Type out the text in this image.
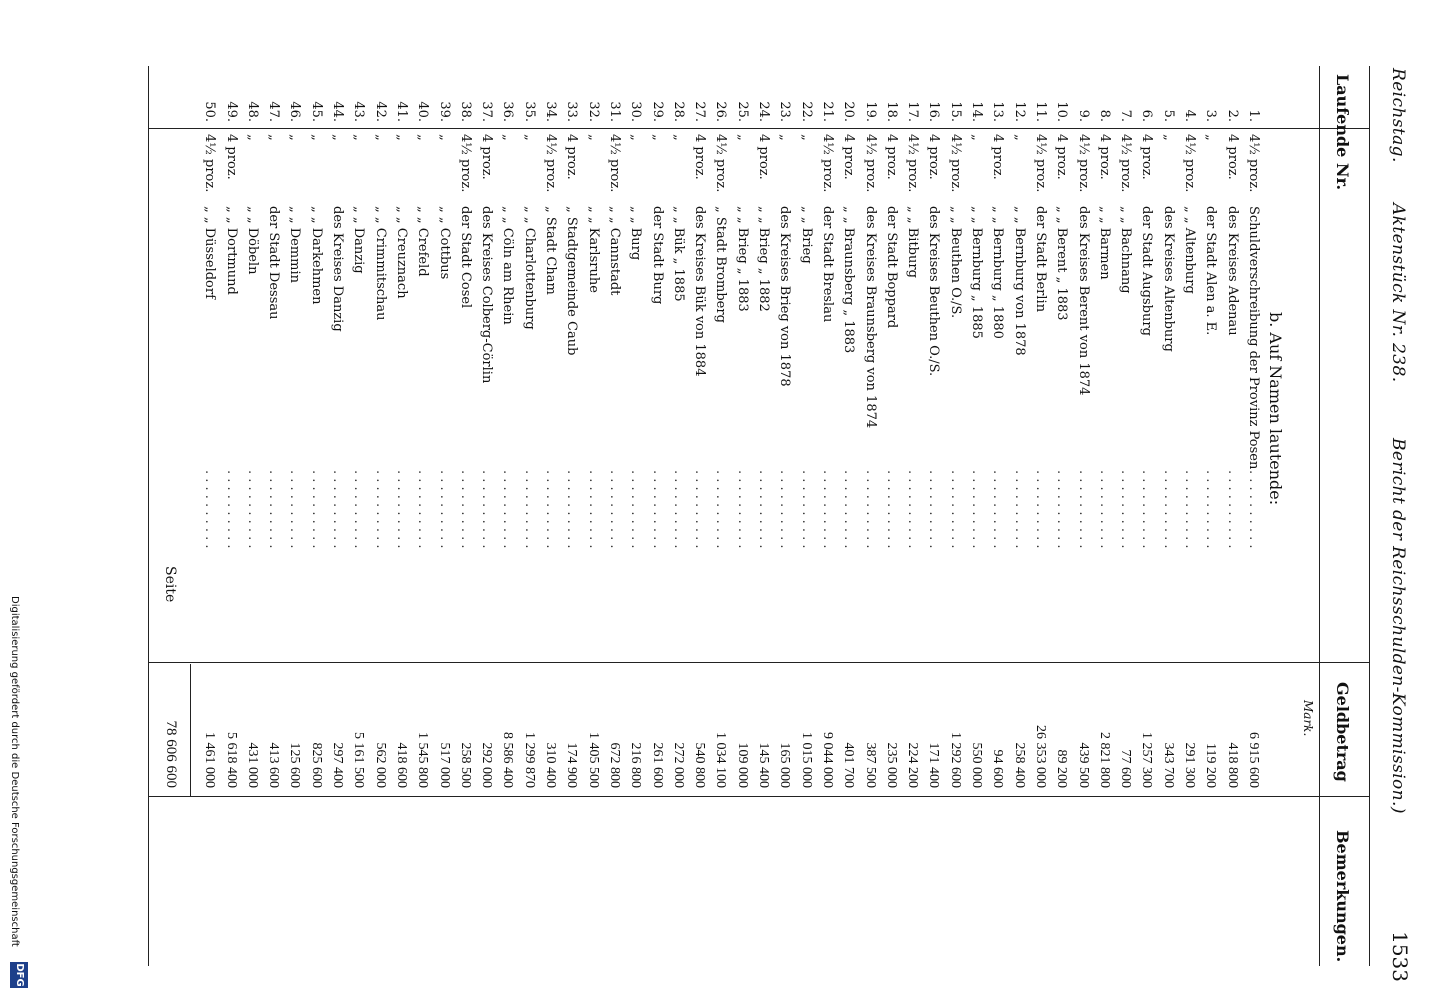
Reichstag.
Aktenstück Nr. 238.
Bericht der Reichsschulden-Kommission.)
1533
Laufende Nr.
Geldbetrag
Mark.
Bemerkungen.
b. Auf Namen lautende:
1.
4½ proz.
Schuldverschreibung der Provinz Posen
6 915 600
. . . . . . . . . .
2.
4 proz.
des Kreises Adenau
418 800
. . . . . . . . . .
3.
„
der Stadt Alen a. E.
119 200
. . . . . . . . . .
4.
4½ proz.
„ „ Altenburg
291 300
. . . . . . . . . .
5.
„
des Kreises Altenburg
343 700
. . . . . . . . . .
6.
4 proz.
der Stadt Augsburg
1 257 300
. . . . . . . . . .
7.
4½ proz.
„ „ Bachnang
77 600
. . . . . . . . . .
8.
4 proz.
„ „ Barmen
2 821 800
. . . . . . . . . .
9.
4½ proz.
des Kreises Berent von 1874
439 500
. . . . . . . . . .
10.
4 proz.
„ „ Berent „ 1883
89 200
. . . . . . . . . .
11.
4½ proz.
der Stadt Berlin
26 353 000
. . . . . . . . . .
12.
„
„ „ Bernburg von 1878
258 400
. . . . . . . . . .
13.
4 proz.
„ „ Bernburg „ 1880
94 600
. . . . . . . . . .
14.
„
„ „ Bernburg „ 1885
550 000
. . . . . . . . . .
15.
4½ proz.
„ „ Beuthen O./S.
1 292 600
. . . . . . . . . .
16.
4 proz.
des Kreises Beuthen O./S.
171 400
. . . . . . . . . .
17.
4½ proz.
„ „ Bitburg
224 200
. . . . . . . . . .
18.
4 proz.
der Stadt Boppard
235 000
. . . . . . . . . .
19.
4½ proz.
des Kreises Braunsberg von 1874
387 500
. . . . . . . . . .
20.
4 proz.
„ „ Braunsberg „ 1883
401 700
. . . . . . . . . .
21.
4½ proz.
der Stadt Breslau
9 044 000
. . . . . . . . . .
22.
„
„ „ Brieg
1 015 000
. . . . . . . . . .
23.
„
des Kreises Brieg von 1878
165 000
. . . . . . . . . .
24.
4 proz.
„ „ Brieg „ 1882
145 400
. . . . . . . . . .
25.
„
„ „ Brieg „ 1883
109 000
. . . . . . . . . .
26.
4½ proz.
„ Stadt Bromberg
1 034 100
. . . . . . . . . .
27.
4 proz.
des Kreises Bük von 1884
540 800
. . . . . . . . . .
28.
„
„ „ Bük „ 1885
272 000
. . . . . . . . . .
29.
„
der Stadt Burg
261 600
. . . . . . . . . .
30.
„
„ „ Burg
216 800
. . . . . . . . . .
31.
4½ proz.
„ „ Cannstadt
672 800
. . . . . . . . . .
32.
„
„ „ Karlsruhe
1 405 500
. . . . . . . . . .
33.
4 proz.
„ Stadtgemeinde Caub
174 900
. . . . . . . . . .
34.
4½ proz.
„ Stadt Cham
310 400
. . . . . . . . . .
35.
„
„ „ Charlottenburg
1 299 870
. . . . . . . . . .
36.
„
„ „ Cöln am Rhein
8 586 400
. . . . . . . . . .
37.
4 proz.
des Kreises Colberg-Cörlin
292 000
. . . . . . . . . .
38.
4½ proz.
der Stadt Cosel
258 500
. . . . . . . . . .
39.
„
„ „ Cottbus
517 000
. . . . . . . . . .
40.
„
„ „ Crefeld
1 545 800
. . . . . . . . . .
41.
„
„ „ Creuznach
418 600
. . . . . . . . . .
42.
„
„ „ Crimmitschau
562 000
. . . . . . . . . .
43.
„
„ „ Danzig
5 161 500
. . . . . . . . . .
44.
„
des Kreises Danzig
297 400
. . . . . . . . . .
45.
„
„ „ Darkehmen
825 600
. . . . . . . . . .
46.
„
„ „ Demmin
125 600
. . . . . . . . . .
47.
„
der Stadt Dessau
413 600
. . . . . . . . . .
48.
„
„ „ Döbeln
431 000
. . . . . . . . . .
49.
4 proz.
„ „ Dortmund
5 618 400
. . . . . . . . . .
50.
4½ proz.
„ „ Düsseldorf
1 461 000
. . . . . . . . . .
Seite
78 606 600
Digitalisierung gefördert durch die Deutsche Forschungsgemeinschaft
DFG
